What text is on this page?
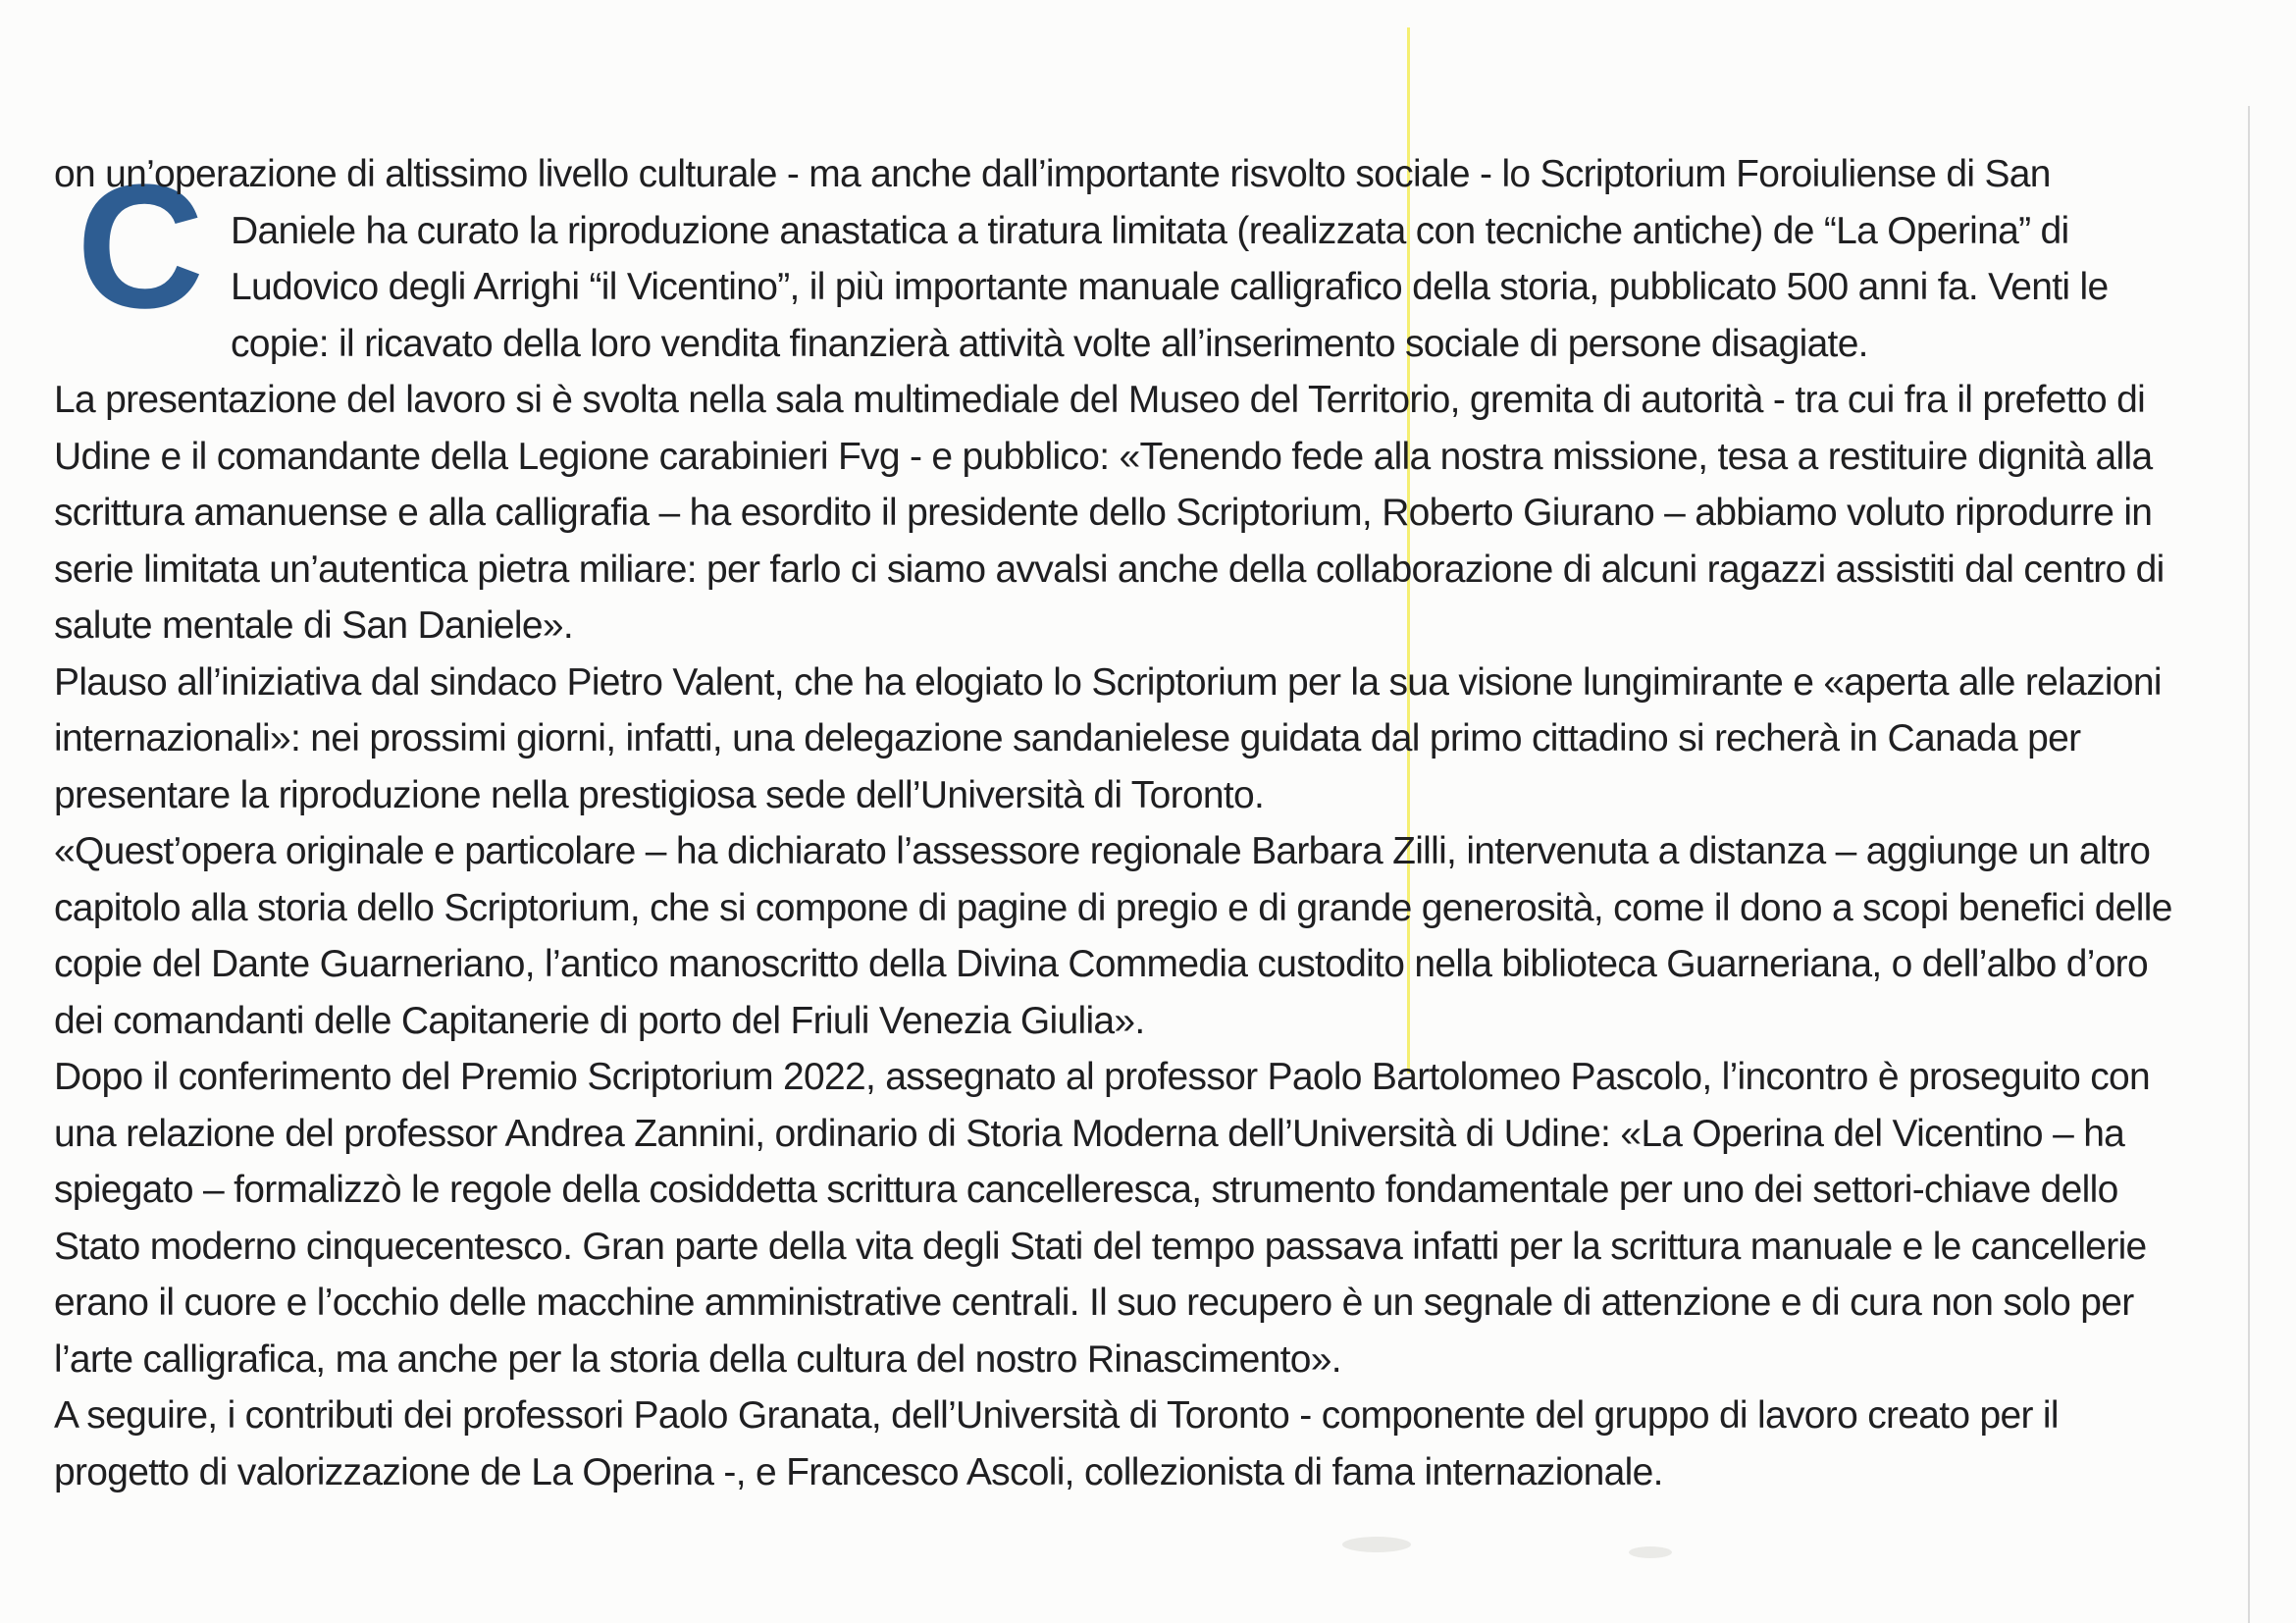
C

on un’operazione di altissimo livello culturale - ma anche dall’importante risvolto sociale - lo Scriptorium Foroiuliense di San
Daniele ha curato la riproduzione anastatica a tiratura limitata (realizzata con tecniche antiche) de “La Operina” di
Ludovico degli Arrighi “il Vicentino”, il più importante manuale calligrafico della storia, pubblicato 500 anni fa. Venti le
copie: il ricavato della loro vendita finanzierà attività volte all’inserimento sociale di persone disagiate.

La presentazione del lavoro si è svolta nella sala multimediale del Museo del Territorio, gremita di autorità - tra cui fra il prefetto di
Udine e il comandante della Legione carabinieri Fvg - e pubblico: «Tenendo fede alla nostra missione, tesa a restituire dignità alla
scrittura amanuense e alla calligrafia – ha esordito il presidente dello Scriptorium, Roberto Giurano – abbiamo voluto riprodurre in
serie limitata un’autentica pietra miliare: per farlo ci siamo avvalsi anche della collaborazione di alcuni ragazzi assistiti dal centro di
salute mentale di San Daniele».

Plauso all’iniziativa dal sindaco Pietro Valent, che ha elogiato lo Scriptorium per la sua visione lungimirante e «aperta alle relazioni
internazionali»: nei prossimi giorni, infatti, una delegazione sandanielese guidata dal primo cittadino si recherà in Canada per
presentare la riproduzione nella prestigiosa sede dell’Università di Toronto.

«Quest’opera originale e particolare – ha dichiarato l’assessore regionale Barbara Zilli, intervenuta a distanza – aggiunge un altro
capitolo alla storia dello Scriptorium, che si compone di pagine di pregio e di grande generosità, come il dono a scopi benefici delle
copie del Dante Guarneriano, l’antico manoscritto della Divina Commedia custodito nella biblioteca Guarneriana, o dell’albo d’oro
dei comandanti delle Capitanerie di porto del Friuli Venezia Giulia».

Dopo il conferimento del Premio Scriptorium 2022, assegnato al professor Paolo Bartolomeo Pascolo, l’incontro è proseguito con
una relazione del professor Andrea Zannini, ordinario di Storia Moderna dell’Università di Udine: «La Operina del Vicentino – ha
spiegato – formalizzò le regole della cosiddetta scrittura cancelleresca, strumento fondamentale per uno dei settori-chiave dello
Stato moderno cinquecentesco. Gran parte della vita degli Stati del tempo passava infatti per la scrittura manuale e le cancellerie
erano il cuore e l’occhio delle macchine amministrative centrali. Il suo recupero è un segnale di attenzione e di cura non solo per
l’arte calligrafica, ma anche per la storia della cultura del nostro Rinascimento».

A seguire, i contributi dei professori Paolo Granata, dell’Università di Toronto - componente del gruppo di lavoro creato per il
progetto di valorizzazione de La Operina -, e Francesco Ascoli, collezionista di fama internazionale.
